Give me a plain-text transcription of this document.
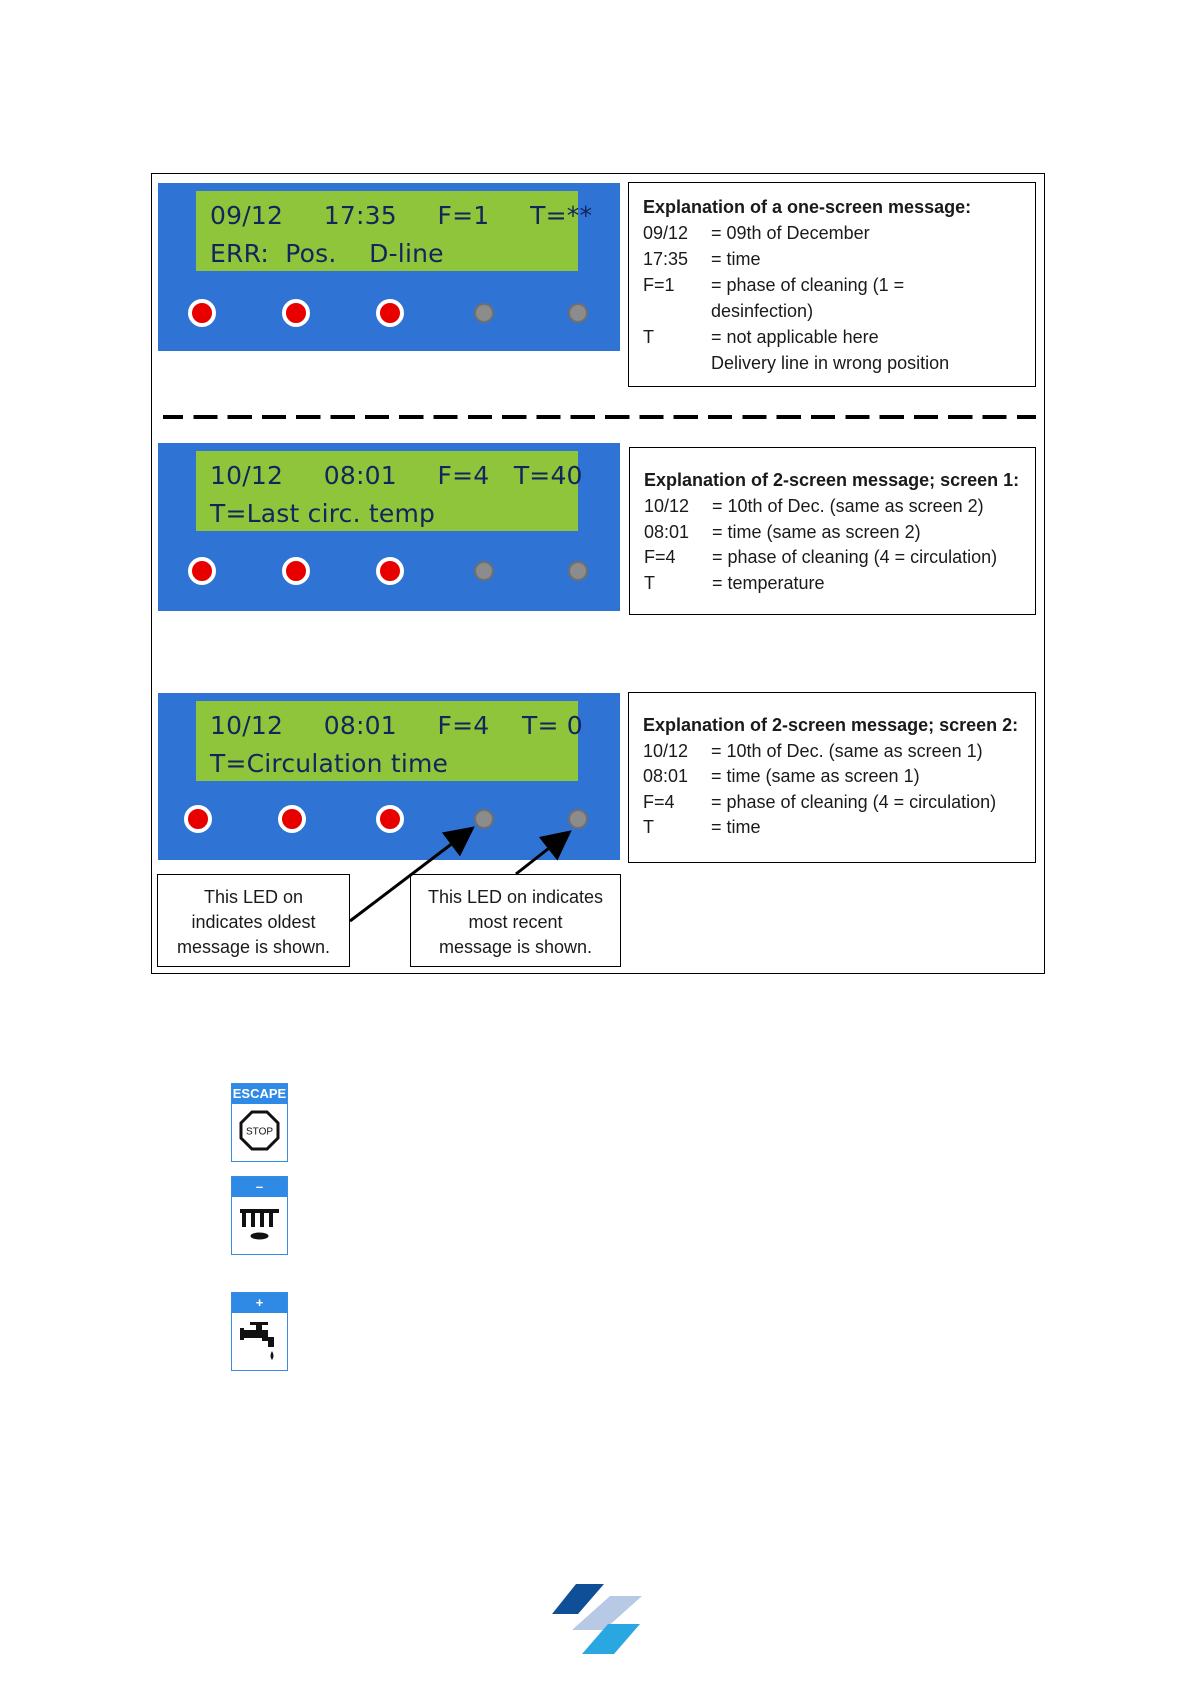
09/12     17:35     F=1     T=**
ERR:  Pos.    D-line
Explanation of a one-screen message:
09/12 = 09th of December
17:35 = time
F=1 = phase of cleaning (1 =
desinfection)
T	= not applicable here
Delivery line in wrong position
10/12     08:01     F=4   T=40
T=Last circ. temp
Explanation of 2-screen message; screen 1:
10/12 = 10th of Dec. (same as screen 2)
08:01 = time (same as screen 2)
F=4 = phase of cleaning (4 = circulation)
T	= temperature
10/12     08:01     F=4    T= 0
T=Circulation time
Explanation of 2-screen message; screen 2:
10/12 = 10th of Dec. (same as screen 1)
08:01 = time (same as screen 1)
F=4 = phase of cleaning (4 = circulation)
T	= time
This LED on
indicates oldest
message is shown.
This LED on indicates
most recent
message is shown.
ESCAPE
STOP
–
+
